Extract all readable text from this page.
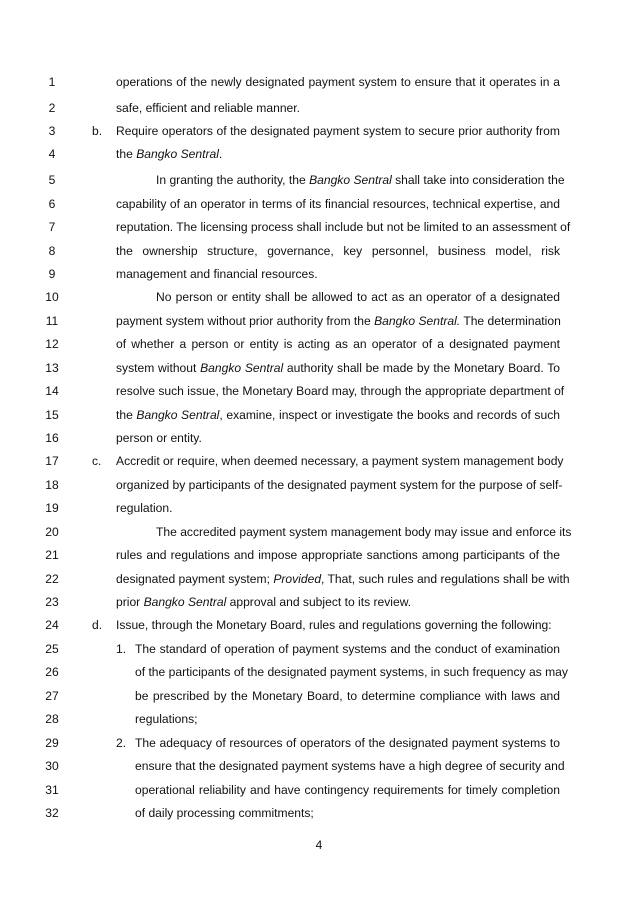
1
2
3
4
5
6
7
8
9
10
11
12
13
14
15
16
17
18
19
20
21
22
23
24
25
26
27
28
29
30
31
32
operations of the newly designated payment system to ensure that it operates in a
safe, efficient and reliable manner.
b. Require operators of the designated payment system to secure prior authority from
the Bangko Sentral.
In granting the authority, the Bangko Sentral shall take into consideration the
capability of an operator in terms of its financial resources, technical expertise, and
reputation. The licensing process shall include but not be limited to an assessment of
the ownership structure, governance, key personnel, business model, risk
management and financial resources.
No person or entity shall be allowed to act as an operator of a designated
payment system without prior authority from the Bangko Sentral. The determination
of whether a person or entity is acting as an operator of a designated payment
system without Bangko Sentral authority shall be made by the Monetary Board. To
resolve such issue, the Monetary Board may, through the appropriate department of
the Bangko Sentral, examine, inspect or investigate the books and records of such
person or entity.
c. Accredit or require, when deemed necessary, a payment system management body
organized by participants of the designated payment system for the purpose of self-
regulation.
The accredited payment system management body may issue and enforce its
rules and regulations and impose appropriate sanctions among participants of the
designated payment system; Provided, That, such rules and regulations shall be with
prior Bangko Sentral approval and subject to its review.
d. Issue, through the Monetary Board, rules and regulations governing the following:
1. The standard of operation of payment systems and the conduct of examination
of the participants of the designated payment systems, in such frequency as may
be prescribed by the Monetary Board, to determine compliance with laws and
regulations;
2. The adequacy of resources of operators of the designated payment systems to
ensure that the designated payment systems have a high degree of security and
operational reliability and have contingency requirements for timely completion
of daily processing commitments;
4
